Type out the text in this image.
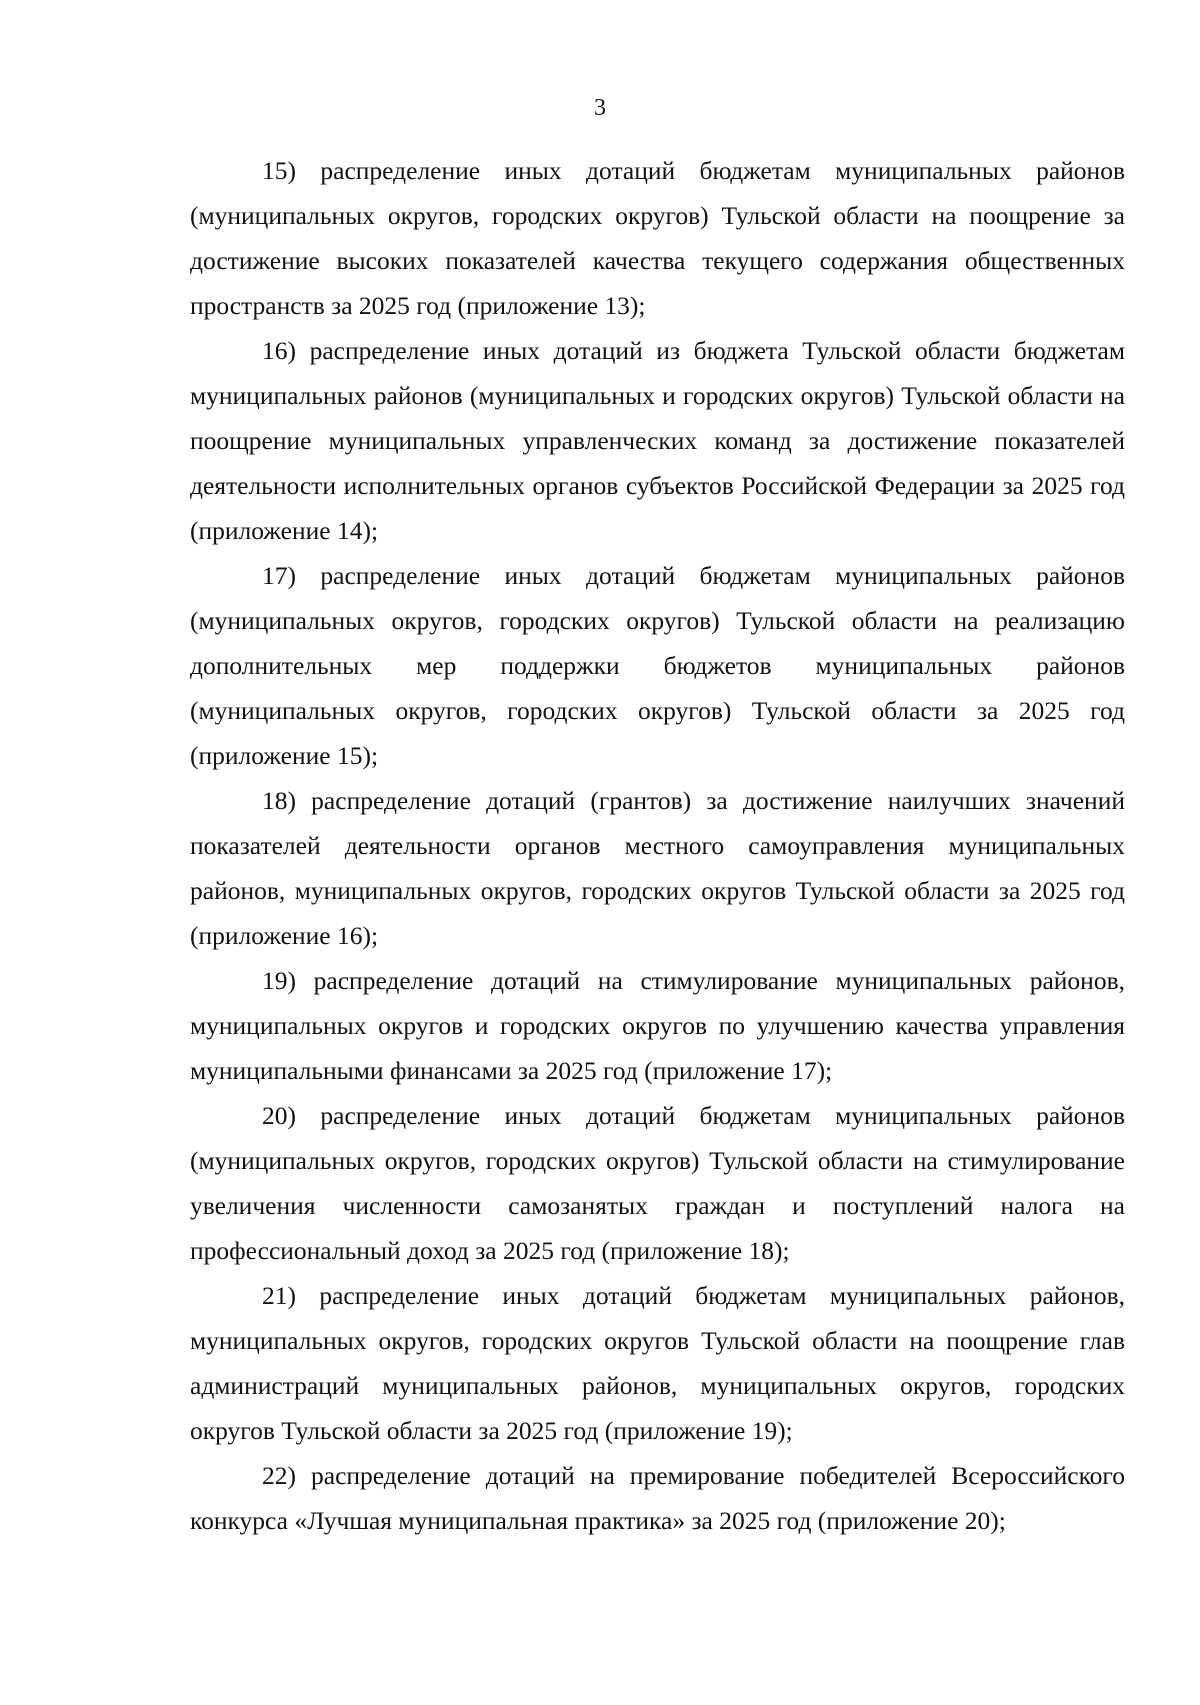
3

15) распределение иных дотаций бюджетам муниципальных районов (муниципальных округов, городских округов) Тульской области на поощрение за достижение высоких показателей качества текущего содержания общественных пространств за 2025 год (приложение 13);

16) распределение иных дотаций из бюджета Тульской области бюджетам муниципальных районов (муниципальных и городских округов) Тульской области на поощрение муниципальных управленческих команд за достижение показателей деятельности исполнительных органов субъектов Российской Федерации за 2025 год (приложение 14);

17) распределение иных дотаций бюджетам муниципальных районов (муниципальных округов, городских округов) Тульской области на реализацию дополнительных мер поддержки бюджетов муниципальных районов (муниципальных округов, городских округов) Тульской области за 2025 год (приложение 15);

18) распределение дотаций (грантов) за достижение наилучших значений показателей деятельности органов местного самоуправления муниципальных районов, муниципальных округов, городских округов Тульской области за 2025 год (приложение 16);

19) распределение дотаций на стимулирование муниципальных районов, муниципальных округов и городских округов по улучшению качества управления муниципальными финансами за 2025 год (приложение 17);

20) распределение иных дотаций бюджетам муниципальных районов (муниципальных округов, городских округов) Тульской области на стимулирование увеличения численности самозанятых граждан и поступлений налога на профессиональный доход за 2025 год (приложение 18);

21) распределение иных дотаций бюджетам муниципальных районов, муниципальных округов, городских округов Тульской области на поощрение глав администраций муниципальных районов, муниципальных округов, городских округов Тульской области за 2025 год (приложение 19);

22) распределение дотаций на премирование победителей Всероссийского конкурса «Лучшая муниципальная практика» за 2025 год (приложение 20);
